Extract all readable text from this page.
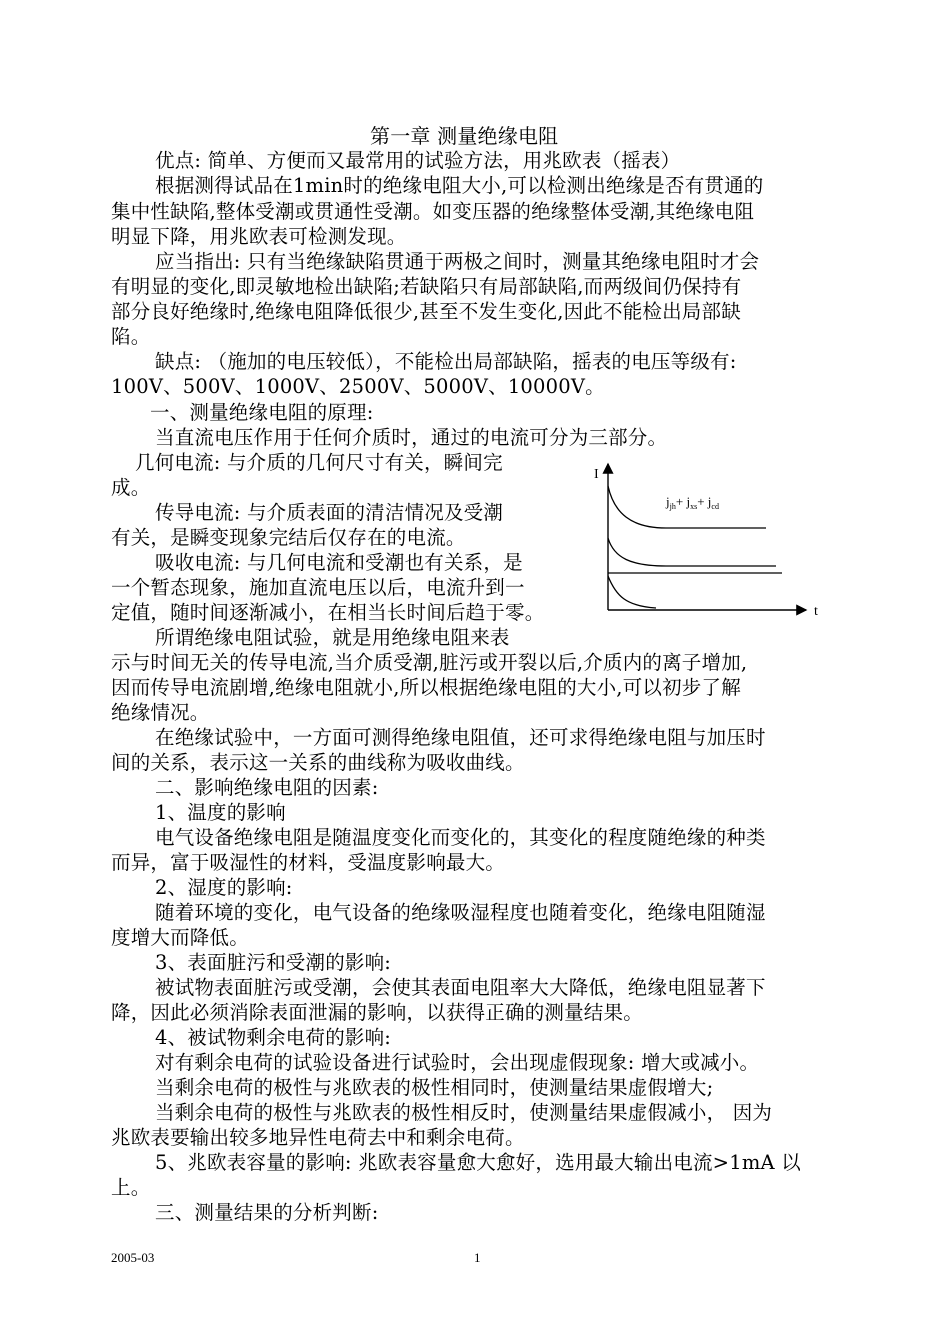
第一章 测量绝缘电阻
优点: 简单、方便而又最常用的试验方法，用兆欧表（摇表）
根据测得试品在1min时的绝缘电阻大小,可以检测出绝缘是否有贯通的
集中性缺陷,整体受潮或贯通性受潮。如变压器的绝缘整体受潮,其绝缘电阻
明显下降，用兆欧表可检测发现。
应当指出: 只有当绝缘缺陷贯通于两极之间时，测量其绝缘电阻时才会
有明显的变化,即灵敏地检出缺陷;若缺陷只有局部缺陷,而两级间仍保持有
部分良好绝缘时,绝缘电阻降低很少,甚至不发生变化,因此不能检出局部缺
陷。
缺点: （施加的电压较低），不能检出局部缺陷，摇表的电压等级有:
100V、500V、1000V、2500V、5000V、10000V。
一、测量绝缘电阻的原理:
当直流电压作用于任何介质时，通过的电流可分为三部分。
几何电流: 与介质的几何尺寸有关，瞬间完
成。
传导电流: 与介质表面的清洁情况及受潮
有关，是瞬变现象完结后仅存在的电流。
吸收电流: 与几何电流和受潮也有关系，是
一个暂态现象，施加直流电压以后，电流升到一
定值，随时间逐渐减小，在相当长时间后趋于零。
所谓绝缘电阻试验，就是用绝缘电阻来表
示与时间无关的传导电流,当介质受潮,脏污或开裂以后,介质内的离子增加,
因而传导电流剧增,绝缘电阻就小,所以根据绝缘电阻的大小,可以初步了解
绝缘情况。
在绝缘试验中，一方面可测得绝缘电阻值，还可求得绝缘电阻与加压时
间的关系，表示这一关系的曲线称为吸收曲线。
二、影响绝缘电阻的因素:
1、温度的影响
电气设备绝缘电阻是随温度变化而变化的，其变化的程度随绝缘的种类
而异，富于吸湿性的材料，受温度影响最大。
2、湿度的影响:
随着环境的变化，电气设备的绝缘吸湿程度也随着变化，绝缘电阻随湿
度增大而降低。
3、表面脏污和受潮的影响:
被试物表面脏污或受潮，会使其表面电阻率大大降低，绝缘电阻显著下
降，因此必须消除表面泄漏的影响，以获得正确的测量结果。
4、被试物剩余电荷的影响:
对有剩余电荷的试验设备进行试验时，会出现虚假现象: 增大或减小。
当剩余电荷的极性与兆欧表的极性相同时，使测量结果虚假增大;
当剩余电荷的极性与兆欧表的极性相反时，使测量结果虚假减小， 因为
兆欧表要输出较多地异性电荷去中和剩余电荷。
5、兆欧表容量的影响: 兆欧表容量愈大愈好，选用最大输出电流>1mA 以
上。
三、测量结果的分析判断:
I
t
$j_{jh}+ j_{xs}+ j_{cd}$
2005-03	1
